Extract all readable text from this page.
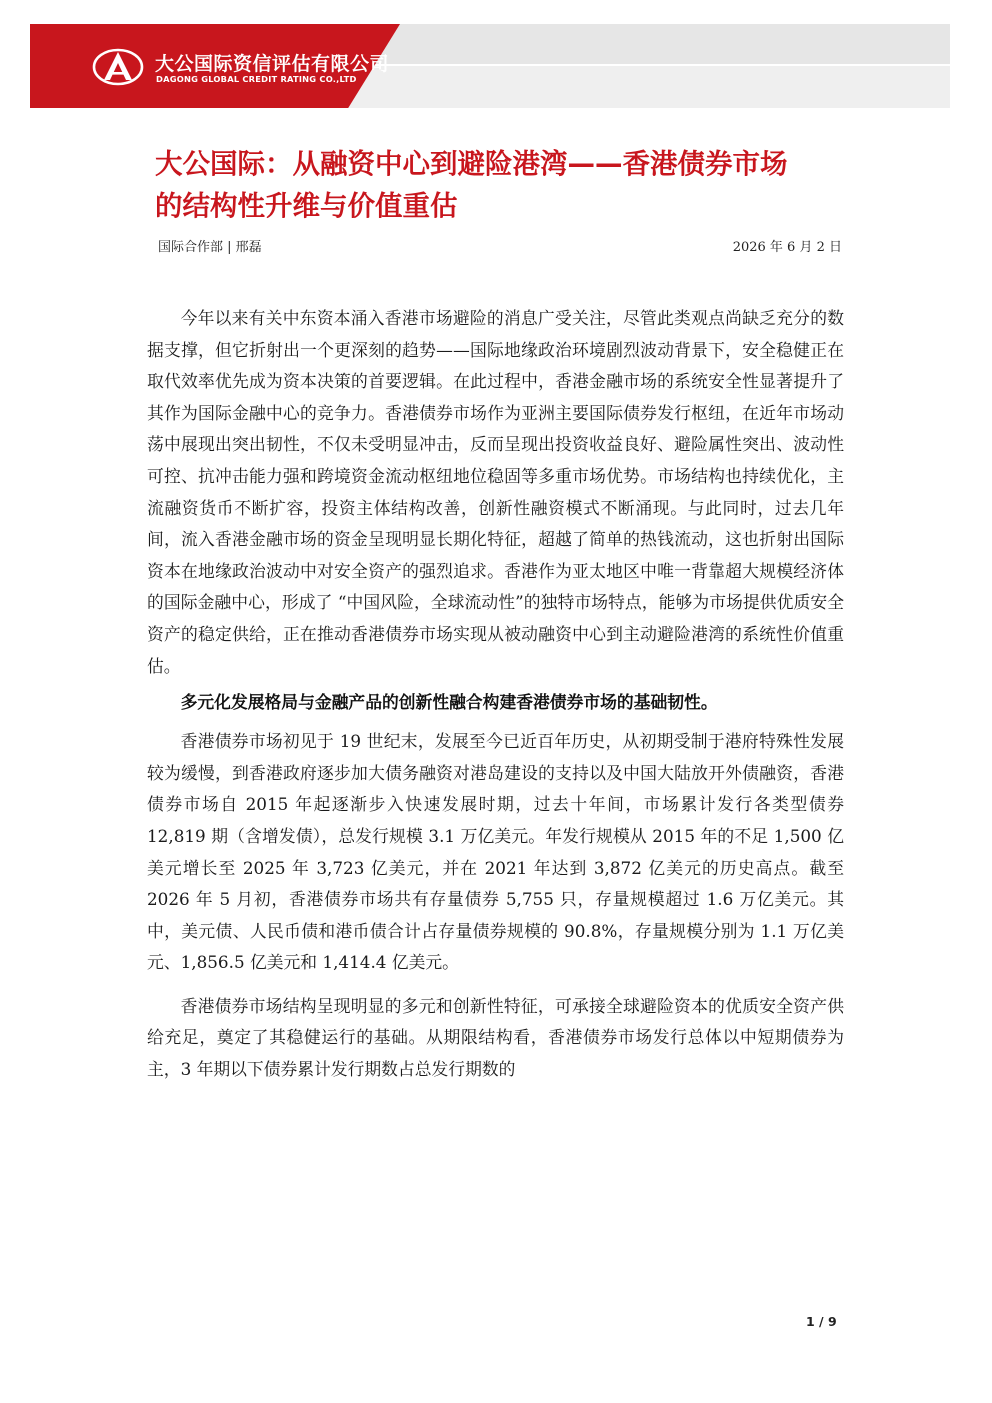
大公国际资信评估有限公司
DAGONG GLOBAL CREDIT RATING CO.,LTD
大公国际：从融资中心到避险港湾——香港债券市场
的结构性升维与价值重估
国际合作部 | 邢磊	2026 年 6 月 2 日

今年以来有关中东资本涌入香港市场避险的消息广受关注，尽管此类观点尚缺乏充分的数据支撑，但它折射出一个更深刻的趋势——国际地缘政治环境剧烈波动背景下，安全稳健正在取代效率优先成为资本决策的首要逻辑。在此过程中，香港金融市场的系统安全性显著提升了其作为国际金融中心的竞争力。香港债券市场作为亚洲主要国际债券发行枢纽，在近年市场动荡中展现出突出韧性，不仅未受明显冲击，反而呈现出投资收益良好、避险属性突出、波动性可控、抗冲击能力强和跨境资金流动枢纽地位稳固等多重市场优势。市场结构也持续优化，主流融资货币不断扩容，投资主体结构改善，创新性融资模式不断涌现。与此同时，过去几年间，流入香港金融市场的资金呈现明显长期化特征，超越了简单的热钱流动，这也折射出国际资本在地缘政治波动中对安全资产的强烈追求。香港作为亚太地区中唯一背靠超大规模经济体的国际金融中心，形成了 “中国风险，全球流动性”的独特市场特点，能够为市场提供优质安全资产的稳定供给，正在推动香港债券市场实现从被动融资中心到主动避险港湾的系统性价值重估。

多元化发展格局与金融产品的创新性融合构建香港债券市场的基础韧性。

香港债券市场初见于 19 世纪末，发展至今已近百年历史，从初期受制于港府特殊性发展较为缓慢，到香港政府逐步加大债务融资对港岛建设的支持以及中国大陆放开外债融资，香港债券市场自 2015 年起逐渐步入快速发展时期，过去十年间，市场累计发行各类型债券 12,819 期（含增发债），总发行规模 3.1 万亿美元。年发行规模从 2015 年的不足 1,500 亿美元增长至 2025 年 3,723 亿美元，并在 2021 年达到 3,872 亿美元的历史高点。截至 2026 年 5 月初，香港债券市场共有存量债券 5,755 只，存量规模超过 1.6 万亿美元。其中，美元债、人民币债和港币债合计占存量债券规模的 90.8%，存量规模分别为 1.1 万亿美元、1,856.5 亿美元和 1,414.4 亿美元。

香港债券市场结构呈现明显的多元和创新性特征，可承接全球避险资本的优质安全资产供给充足，奠定了其稳健运行的基础。从期限结构看，香港债券市场发行总体以中短期债券为主，3 年期以下债券累计发行期数占总发行期数的

1 / 9
